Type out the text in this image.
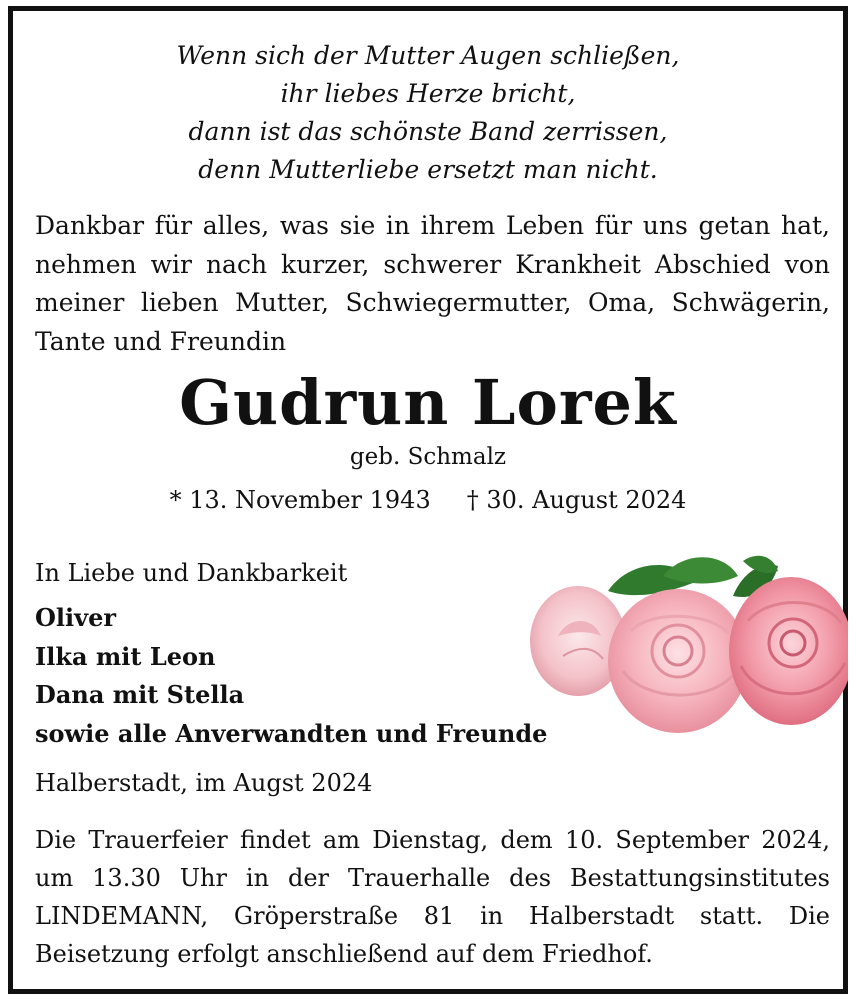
Wenn sich der Mutter Augen schließen,
ihr liebes Herze bricht,
dann ist das schönste Band zerrissen,
denn Mutterliebe ersetzt man nicht.
Dankbar für alles, was sie in ihrem Leben für uns getan hat,
nehmen wir nach kurzer, schwerer Krankheit Abschied von
meiner lieben Mutter, Schwiegermutter, Oma, Schwägerin,
Tante und Freundin
Gudrun Lorek
geb. Schmalz
* 13. November 1943 † 30. August 2024
In Liebe und Dankbarkeit
Oliver
Ilka mit Leon
Dana mit Stella
sowie alle Anverwandten und Freunde
Halberstadt, im Augst 2024
Die Trauerfeier findet am Dienstag, dem 10. September 2024,
um 13.30 Uhr in der Trauerhalle des Bestattungsinstitutes
LINDEMANN, Gröperstraße 81 in Halberstadt statt. Die
Beisetzung erfolgt anschließend auf dem Friedhof.
